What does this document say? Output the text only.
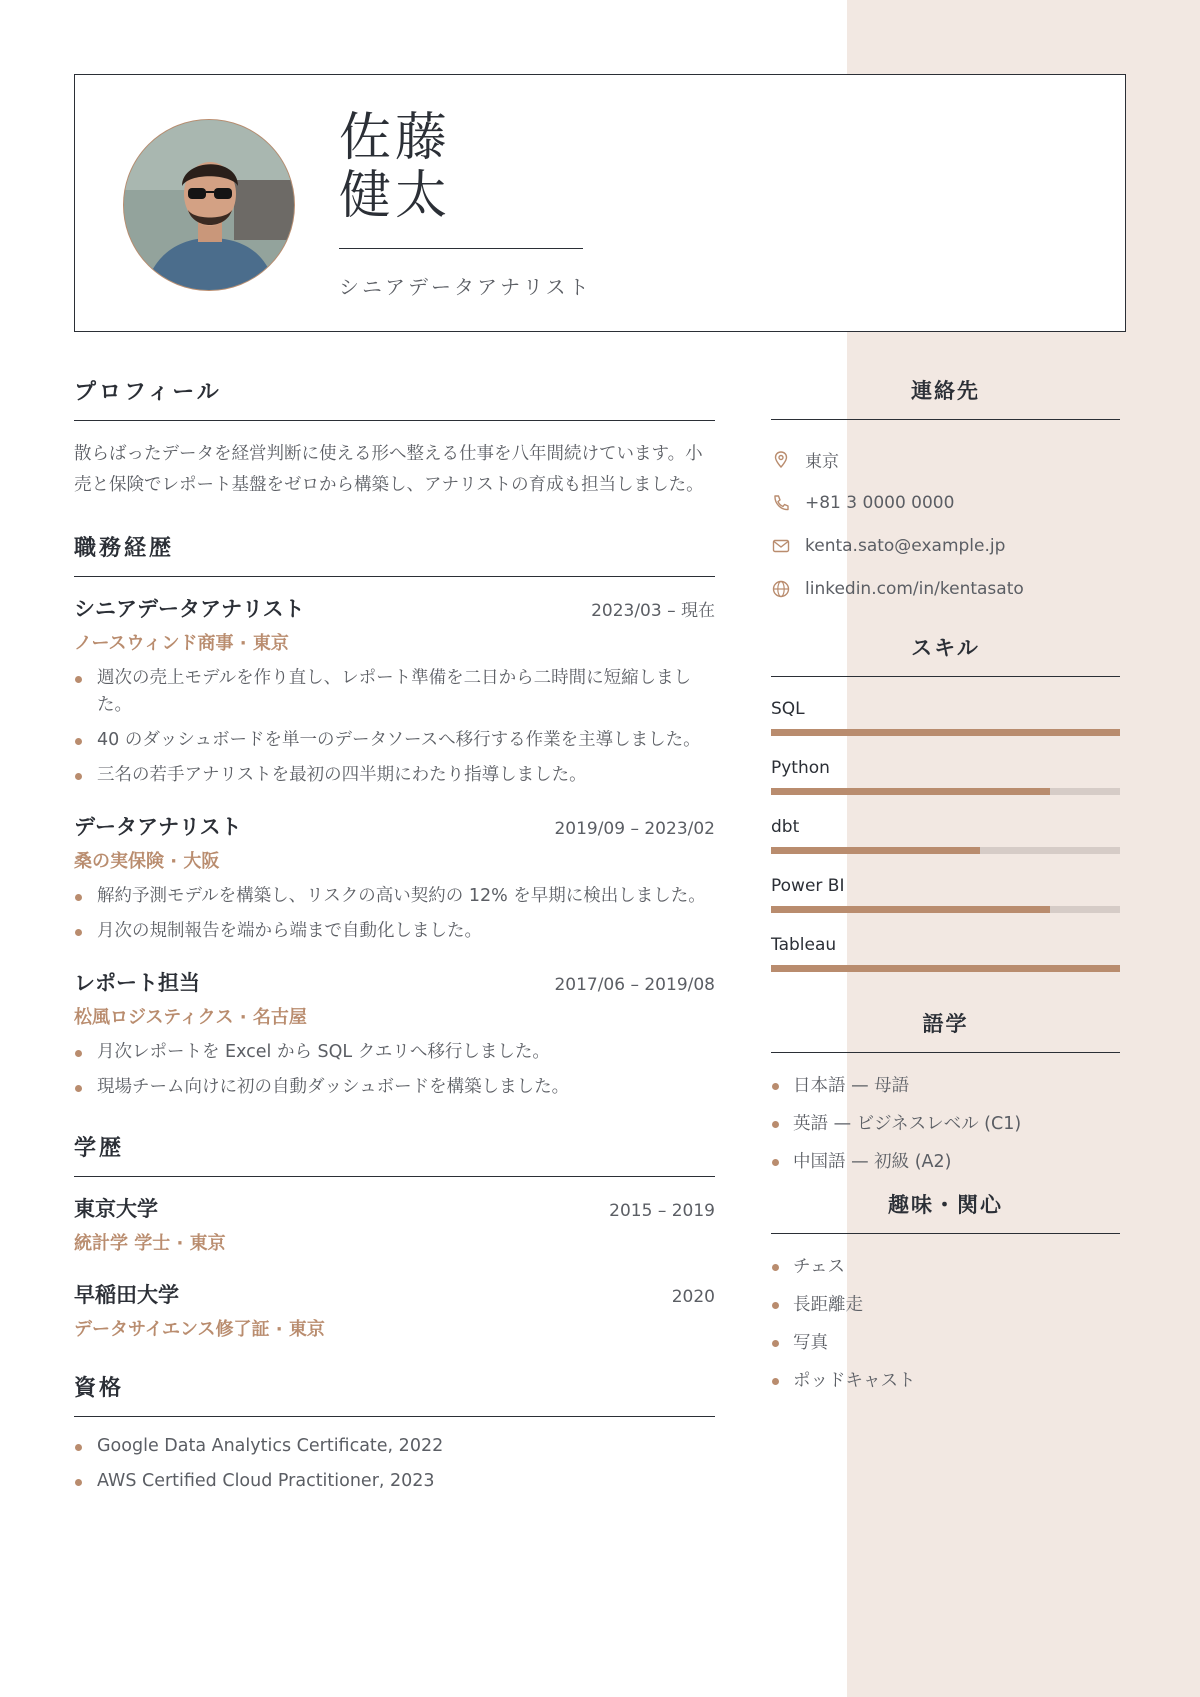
佐藤
健太
シニアデータアナリスト
プロフィール

散らばったデータを経営判断に使える形へ整える仕事を八年間続けています。小売と保険でレポート基盤をゼロから構築し、アナリストの育成も担当しました。

職務経歴
シニアデータアナリスト	2023/03 – 現在
ノースウィンド商事 · 東京
週次の売上モデルを作り直し、レポート準備を二日から二時間に短縮しました。
40 のダッシュボードを単一のデータソースへ移行する作業を主導しました。
三名の若手アナリストを最初の四半期にわたり指導しました。
データアナリスト	2019/09 – 2023/02
桑の実保険 · 大阪
解約予測モデルを構築し、リスクの高い契約の 12% を早期に検出しました。
月次の規制報告を端から端まで自動化しました。
レポート担当	2017/06 – 2019/08
松風ロジスティクス · 名古屋
月次レポートを Excel から SQL クエリへ移行しました。
現場チーム向けに初の自動ダッシュボードを構築しました。
学歴
東京大学	2015 – 2019
統計学 学士 · 東京
早稲田大学	2020
データサイエンス修了証 · 東京
資格
Google Data Analytics Certificate, 2022
AWS Certified Cloud Practitioner, 2023
連絡先
東京
+81 3 0000 0000
kenta.sato@example.jp
linkedin.com/in/kentasato
スキル
SQL
Python
dbt
Power BI
Tableau
語学
日本語 — 母語
英語 — ビジネスレベル (C1)
中国語 — 初級 (A2)
趣味・関心
チェス
長距離走
写真
ポッドキャスト
